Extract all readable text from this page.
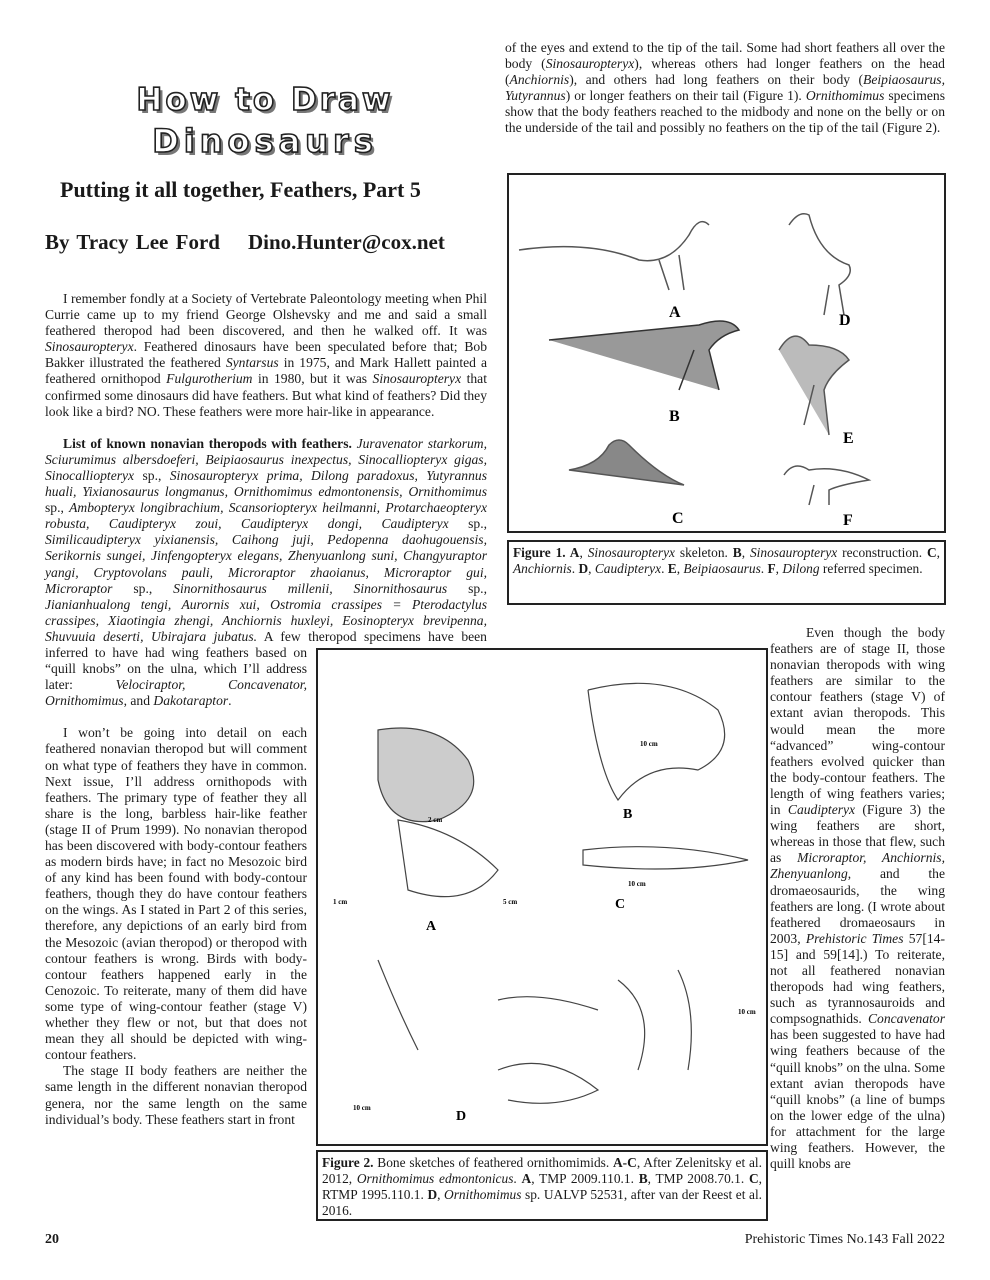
How to Draw
Dinosaurs
Putting it all together, Feathers, Part 5
By Tracy Lee Ford Dino.Hunter@cox.net

I remember fondly at a Society of Vertebrate Paleontology meeting when Phil Currie came up to my friend George Olshevsky and me and said a small feathered theropod had been discovered, and then he walked off. It was Sinosauropteryx. Feathered dinosaurs have been speculated before that; Bob Bakker illustrated the feathered Syntarsus in 1975, and Mark Hallett painted a feathered ornithopod Fulgurotherium in 1980, but it was Sinosauropteryx that confirmed some dinosaurs did have feathers. But what kind of feathers? Did they look like a bird? NO. These feathers were more hair-like in appearance.

List of known nonavian theropods with feathers. Juravenator starkorum, Sciurumimus albersdoeferi, Beipiaosaurus inexpectus, Sinocalliopteryx gigas, Sinocalliopteryx sp., Sinosauropteryx prima, Dilong paradoxus, Yutyrannus huali, Yixianosaurus longmanus, Ornithomimus edmontonensis, Ornithomimus sp., Ambopteryx longibrachium, Scansoriopteryx heilmanni, Protarchaeopteryx robusta, Caudipteryx zoui, Caudipteryx dongi, Caudipteryx sp., Similicaudipteryx yixianensis, Caihong juji, Pedopenna daohugouensis, Serikornis sungei, Jinfengopteryx elegans, Zhenyuanlong suni, Changyuraptor yangi, Cryptovolans pauli, Microraptor zhaoianus, Microraptor gui, Microraptor sp., Sinornithosaurus millenii, Sinornithosaurus sp., Jianianhualong tengi, Aurornis xui, Ostromia crassipes = Pterodactylus crassipes, Xiaotingia zhengi, Anchiornis huxleyi, Eosinopteryx brevipenna, Shuvuuia deserti, Ubirajara jubatus. A few theropod specimens have been inferred to have had wing feathers based on “quill knobs” on the ulna, which I’ll address later: Velociraptor, Concavenator, Ornithomimus, and Dakotaraptor.

I won’t be going into detail on each feathered nonavian theropod but will comment on what type of feathers they have in common. Next issue, I’ll address ornithopods with feathers. The primary type of feather they all share is the long, barbless hair-like feather (stage II of Prum 1999). No nonavian theropod has been discovered with body-contour feathers as modern birds have; in fact no Mesozoic bird of any kind has been found with body-contour feathers, though they do have contour feathers on the wings. As I stated in Part 2 of this series, therefore, any depictions of an early bird from the Mesozoic (avian theropod) or theropod with contour feathers is wrong. Birds with body-contour feathers happened early in the Cenozoic. To reiterate, many of them did have some type of wing-contour feather (stage V) whether they flew or not, but that does not mean they all should be depicted with wing-contour feathers.

The stage II body feathers are neither the same length in the different nonavian theropod genera, nor the same length on the same individual’s body. These feathers start in front

of the eyes and extend to the tip of the tail. Some had short feathers all over the body (Sinosauropteryx), whereas others had longer feathers on the head (Anchiornis), and others had long feathers on their body (Beipiaosaurus, Yutyrannus) or longer feathers on their tail (Figure 1). Ornithomimus specimens show that the body feathers reached to the midbody and none on the belly or on the underside of the tail and possibly no feathers on the tip of the tail (Figure 2).

A
B
C
D
E
F
Figure 1. A, Sinosauropteryx skeleton. B, Sinosauropteryx reconstruction. C, Anchiornis. D, Caudipteryx. E, Beipiaosaurus. F, Dilong referred specimen.
A
B
C
D
2 cm
1 cm	5 cm
10 cm
10 cm
10 cm
10 cm
Figure 2. Bone sketches of feathered ornithomimids. A-C, After Zelenitsky et al. 2012, Ornithomimus edmontonicus. A, TMP 2009.110.1. B, TMP 2008.70.1. C, RTMP 1995.110.1. D, Ornithomimus sp. UALVP 52531, after van der Reest et al. 2016.

Even though the body feathers are of stage II, those nonavian theropods with wing feathers are similar to the contour feathers (stage V) of extant avian theropods. This would mean the more “advanced” wing-contour feathers evolved quicker than the body-contour feathers. The length of wing feathers varies; in Caudipteryx (Figure 3) the wing feathers are short, whereas in those that flew, such as Microraptor, Anchiornis, Zhenyuanlong, and the dromaeosaurids, the wing feathers are long. (I wrote about feathered dromaeosaurs in 2003, Prehistoric Times 57[14-15] and 59[14].) To reiterate, not all feathered nonavian theropods had wing feathers, such as tyrannosauroids and compsognathids. Concavenator has been suggested to have had wing feathers because of the “quill knobs” on the ulna. Some extant avian theropods have “quill knobs” (a line of bumps on the lower edge of the ulna) for attachment for the large wing feathers. However, the quill knobs are

20	Prehistoric Times No.143 Fall 2022
